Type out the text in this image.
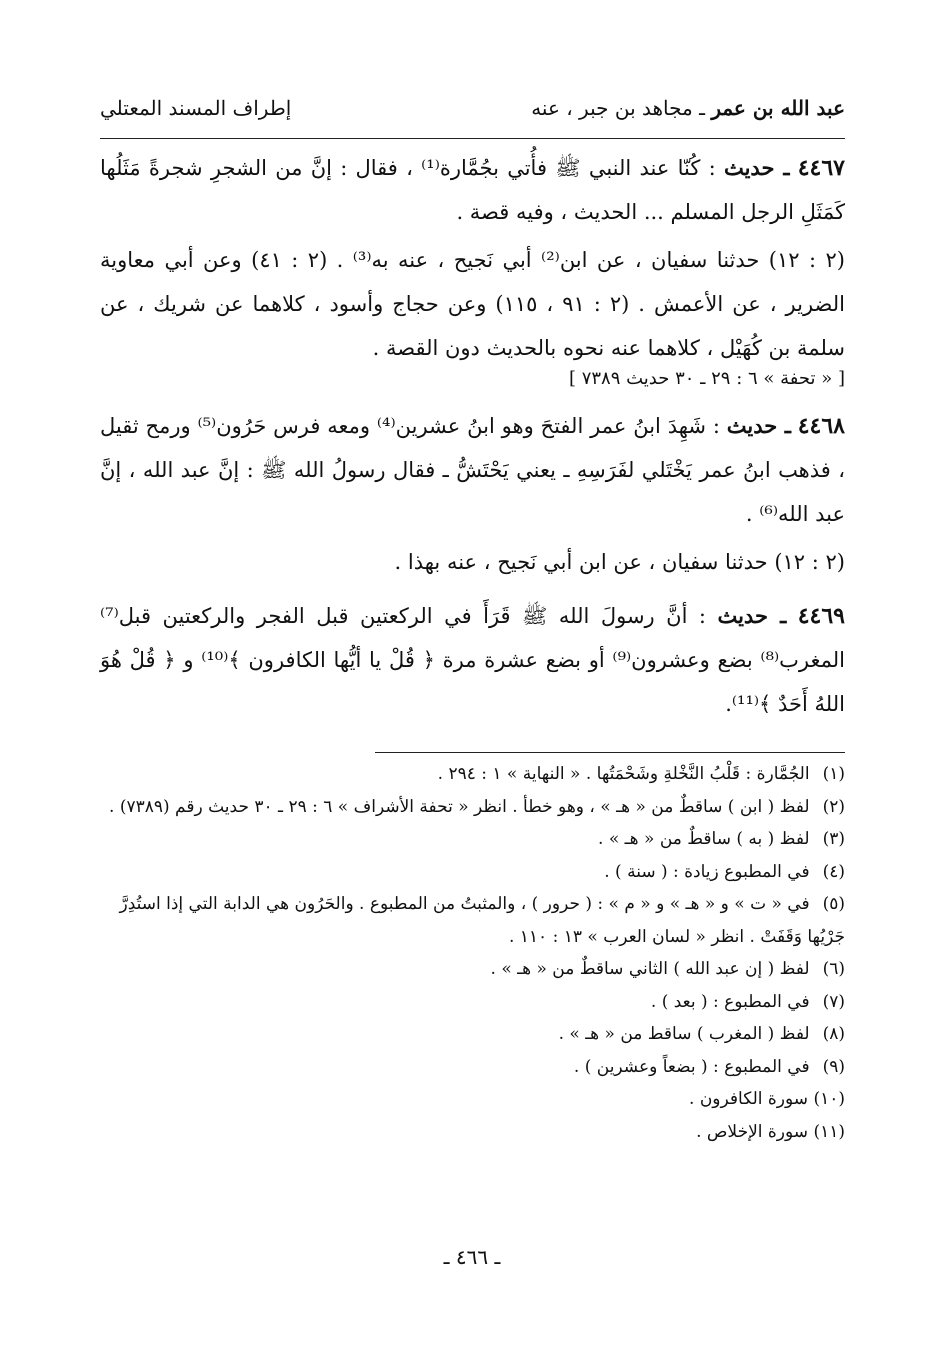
عبد الله بن عمر ـ مجاهد بن جبر ، عنه
إطراف المسند المعتلي
٤٤٦٧ ـ حديث : كُنّا عند النبي ﷺ فأُتي بجُمَّارة⁽¹⁾ ، فقال : إنَّ من الشجرِ شجرةً مَثَلُها كَمَثَلِ الرجل المسلم ... الحديث ، وفيه قصة .
(٢ : ١٢) حدثنا سفيان ، عن ابن⁽²⁾ أبي نَجيح ، عنه به⁽³⁾ . (٢ : ٤١) وعن أبي معاوية الضرير ، عن الأعمش . (٢ : ٩١ ، ١١٥) وعن حجاج وأسود ، كلاهما عن شريك ، عن سلمة بن كُهَيْل ، كلاهما عنه نحوه بالحديث دون القصة .
[ « تحفة » ٦ : ٢٩ ـ ٣٠ حديث ٧٣٨٩ ]
٤٤٦٨ ـ حديث : شَهِدَ ابنُ عمر الفتحَ وهو ابنُ عشرين⁽⁴⁾ ومعه فرس حَرُون⁽⁵⁾ ورمح ثقيل ، فذهب ابنُ عمر يَخْتَلي لفَرَسِهِ ـ يعني يَحْتَشُّ ـ فقال رسولُ الله ﷺ : إنَّ عبد الله ، إنَّ عبد الله⁽⁶⁾ .
(٢ : ١٢) حدثنا سفيان ، عن ابن أبي نَجيح ، عنه بهذا .
٤٤٦٩ ـ حديث : أنَّ رسولَ الله ﷺ قَرَأَ في الركعتين قبل الفجر والركعتين قبل⁽⁷⁾ المغرب⁽⁸⁾ بضع وعشرون⁽⁹⁾ أو بضع عشرة مرة ﴿ قُلْ يا أيُّها الكافرون ﴾⁽¹⁰⁾ و ﴿ قُلْ هُوَ اللهُ أَحَدٌ ﴾⁽¹¹⁾.
(١) الجُمَّارة : قَلْبُ النَّخْلةِ وشَحْمَتُها . « النهاية » ١ : ٢٩٤ .
(٢) لفظ ( ابن ) ساقطٌ من « هـ » ، وهو خطأ . انظر « تحفة الأشراف » ٦ : ٢٩ ـ ٣٠ حديث رقم (٧٣٨٩) .
(٣) لفظ ( به ) ساقطٌ من « هـ » .
(٤) في المطبوع زيادة : ( سنة ) .
(٥) في « ت » و « هـ » و « م » : ( حرور ) ، والمثبتُ من المطبوع . والحَرُون هي الدابة التي إذا استُدِرَّ جَرْيُها وَقَفَتْ . انظر « لسان العرب » ١٣ : ١١٠ .
(٦) لفظ ( إن عبد الله ) الثاني ساقطٌ من « هـ » .
(٧) في المطبوع : ( بعد ) .
(٨) لفظ ( المغرب ) ساقط من « هـ » .
(٩) في المطبوع : ( بضعاً وعشرين ) .
(١٠) سورة الكافرون .
(١١) سورة الإخلاص .
ـ ٤٦٦ ـ
